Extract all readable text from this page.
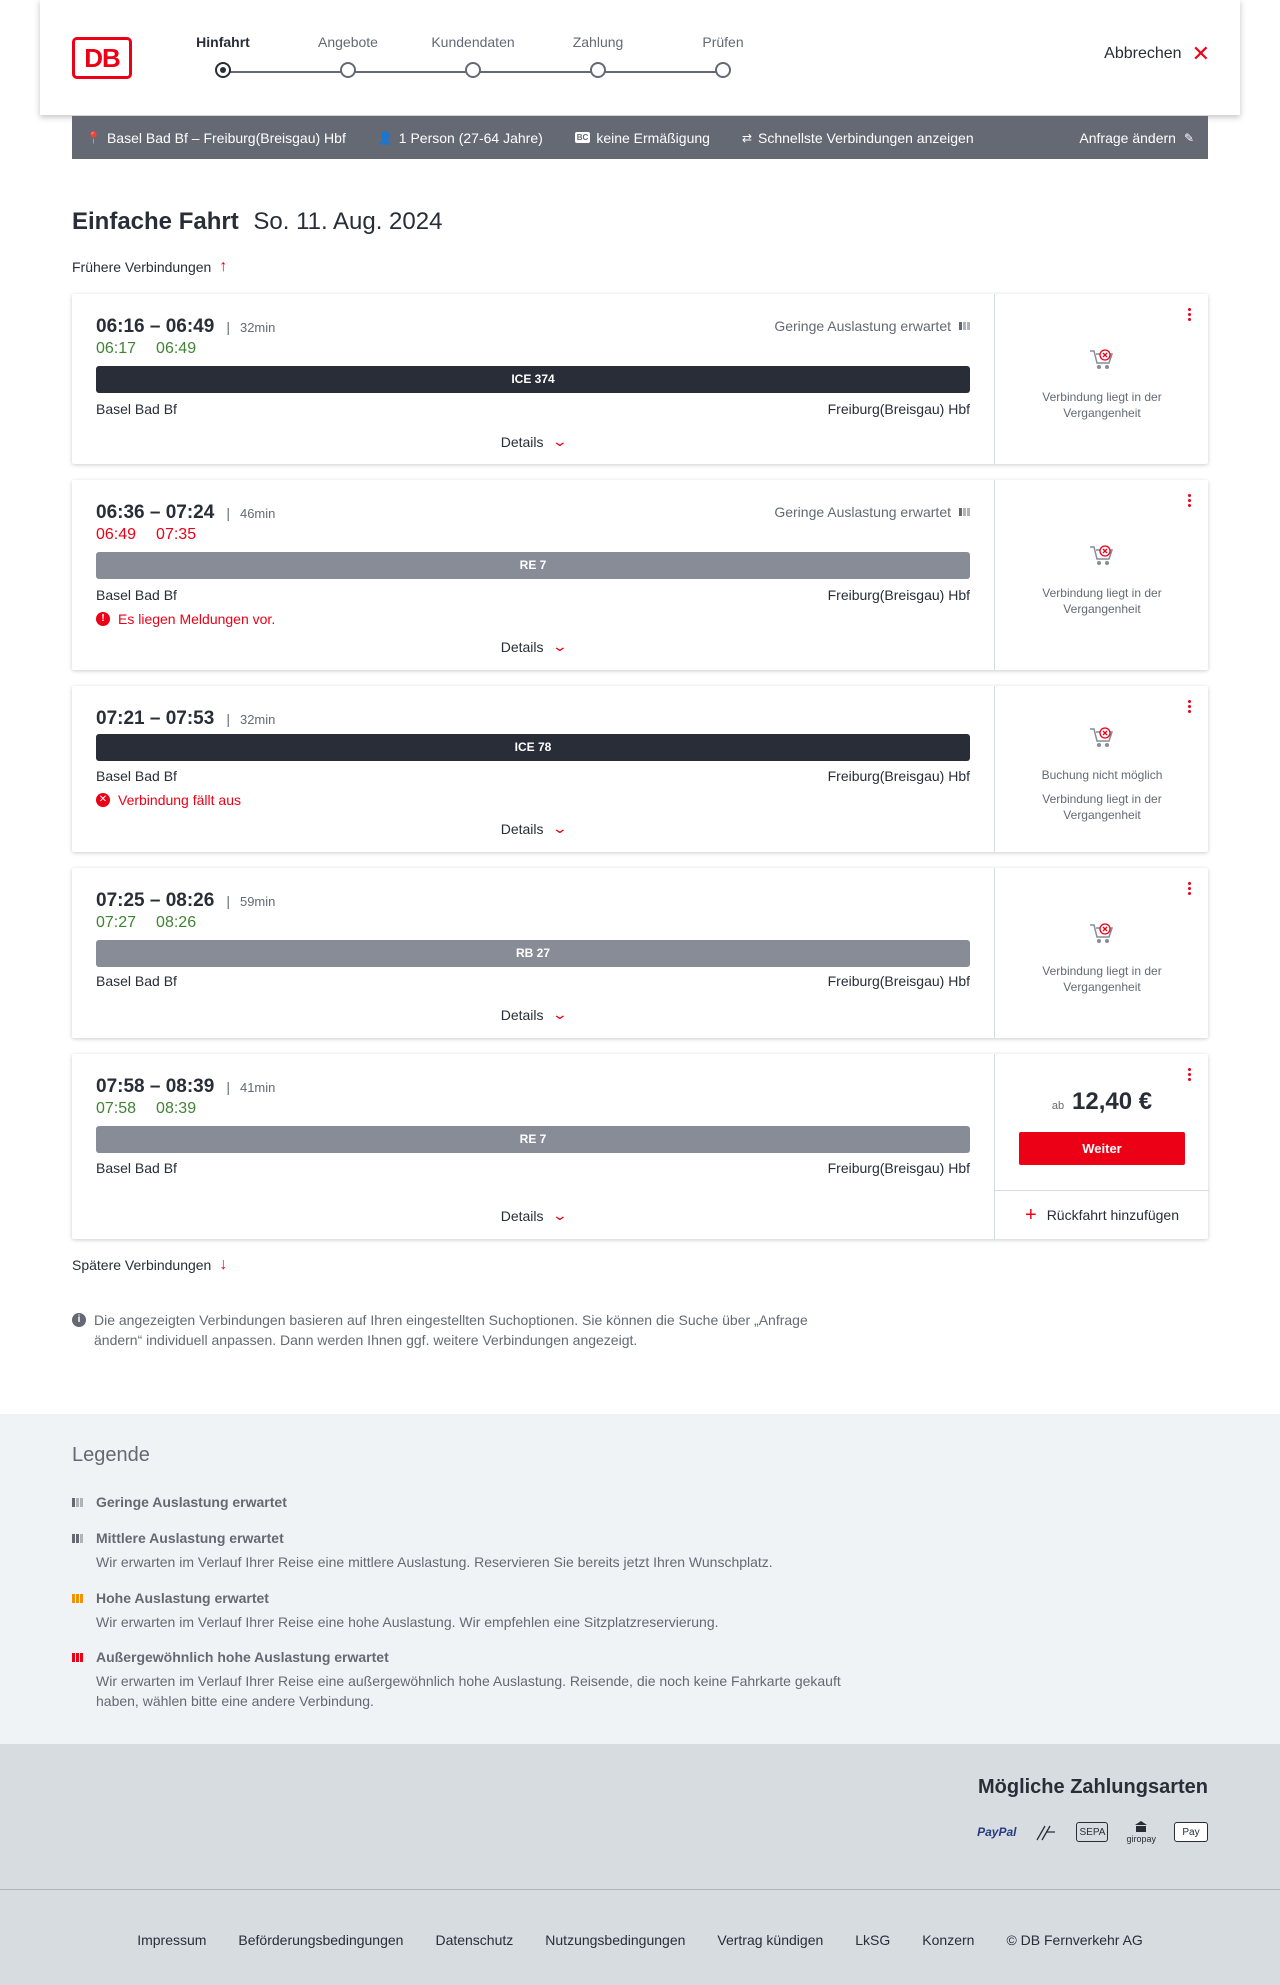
DB
Hinfahrt	Angebote	Kundendaten	Zahlung	Prüfen
Abbrechen ✕
📍 Basel Bad Bf – Freiburg(Breisgau) Hbf	👤 1 Person (27-64 Jahre)	BC keine Ermäßigung	⇄ Schnellste Verbindungen anzeigen	Anfrage ändern ✎
Einfache Fahrt So. 11. Aug. 2024
Frühere Verbindungen ↑
06:16 – 06:49 | 32min	Geringe Auslastung erwartet
06:17 06:49
ICE 374
Basel Bad Bf	Freiburg(Breisgau) Hbf
Details ⌄
Verbindung liegt in der Vergangenheit
06:36 – 07:24 | 46min	Geringe Auslastung erwartet
06:49 07:35
RE 7
Basel Bad Bf	Freiburg(Breisgau) Hbf
! Es liegen Meldungen vor.
Details ⌄
Verbindung liegt in der Vergangenheit
07:21 – 07:53 | 32min
ICE 78
Basel Bad Bf	Freiburg(Breisgau) Hbf
✕ Verbindung fällt aus
Details ⌄
Buchung nicht möglich
Verbindung liegt in der Vergangenheit
07:25 – 08:26 | 59min
07:27 08:26
RB 27
Basel Bad Bf	Freiburg(Breisgau) Hbf
Details ⌄
Verbindung liegt in der Vergangenheit
07:58 – 08:39 | 41min
07:58 08:39
RE 7
Basel Bad Bf	Freiburg(Breisgau) Hbf
Details ⌄
ab 12,40 €
Weiter
+ Rückfahrt hinzufügen
Spätere Verbindungen ↓
i Die angezeigten Verbindungen basieren auf Ihren eingestellten Suchoptionen. Sie können die Suche über „Anfrage ändern“ individuell anpassen. Dann werden Ihnen ggf. weitere Verbindungen angezeigt.
Legende
Geringe Auslastung erwartet
Mittlere Auslastung erwartet
Wir erwarten im Verlauf Ihrer Reise eine mittlere Auslastung. Reservieren Sie bereits jetzt Ihren Wunschplatz.
Hohe Auslastung erwartet
Wir erwarten im Verlauf Ihrer Reise eine hohe Auslastung. Wir empfehlen eine Sitzplatzreservierung.
Außergewöhnlich hohe Auslastung erwartet
Wir erwarten im Verlauf Ihrer Reise eine außergewöhnlich hohe Auslastung. Reisende, die noch keine Fahrkarte gekauft haben, wählen bitte eine andere Verbindung.
Mögliche Zahlungsarten
PayPal	SEPA
giropay
Pay
Impressum Beförderungsbedingungen Datenschutz Nutzungsbedingungen Vertrag kündigen LkSG Konzern © DB Fernverkehr AG
